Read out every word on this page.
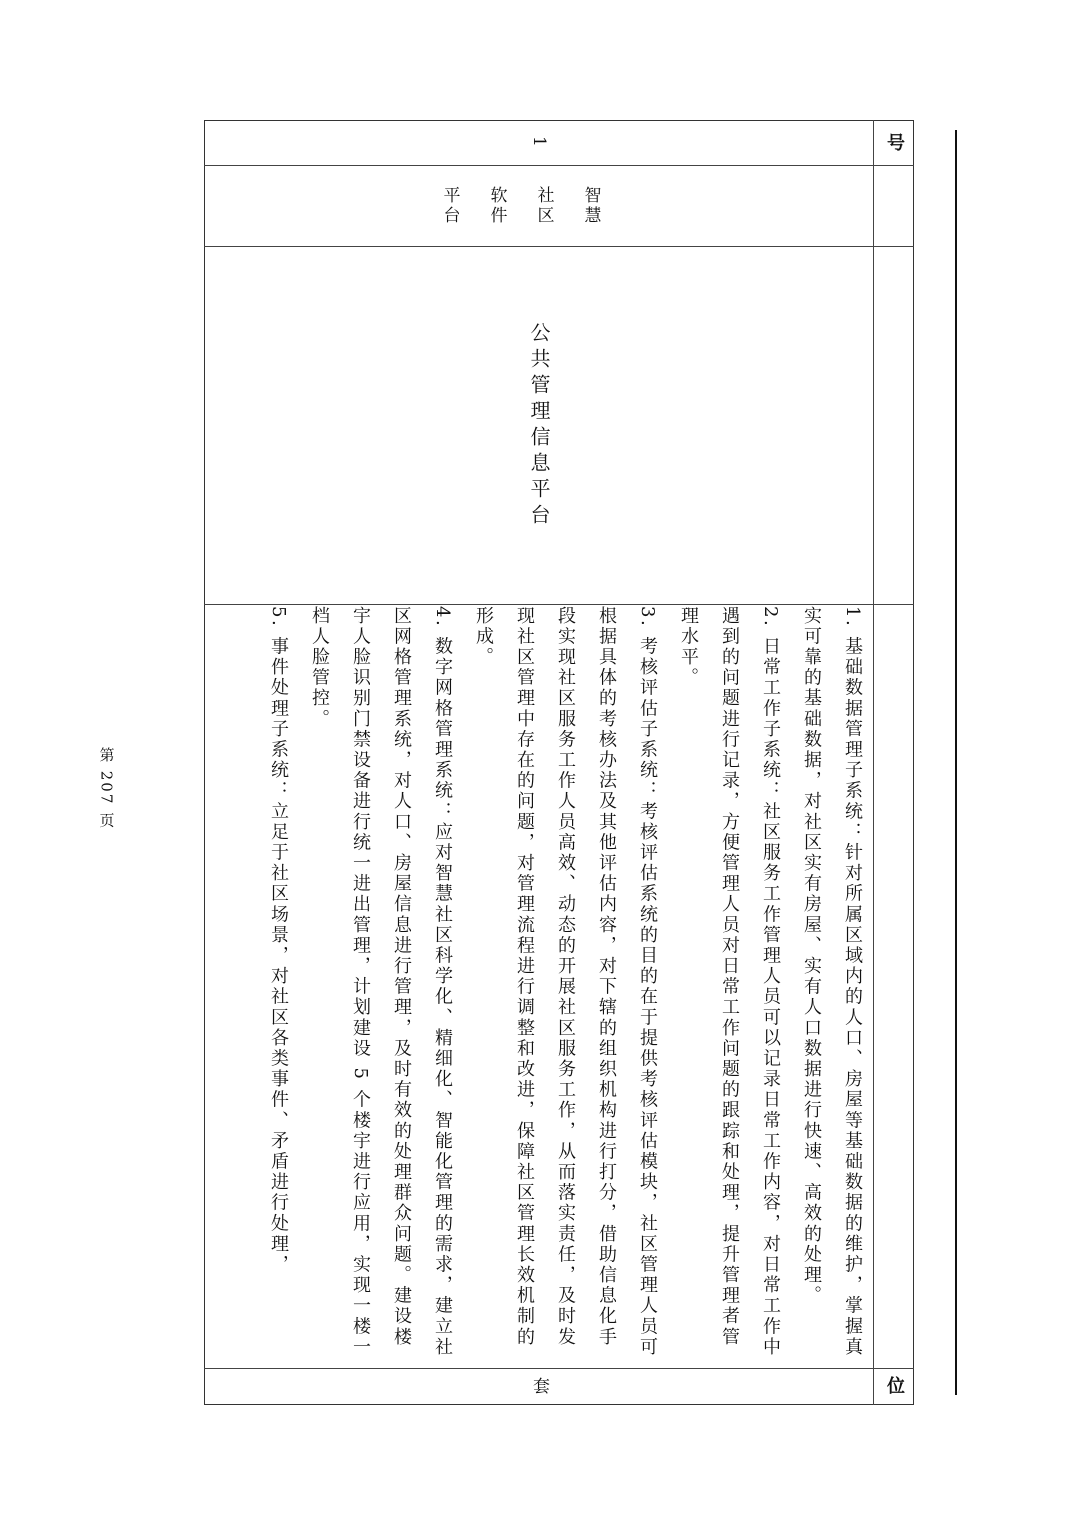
号
位
1
智慧
社区
软件
平台
公共管理信息平台

1. 基础数据管理子系统：针对所属区域内的人口、房屋等基础数据的维护，掌握真实可靠的基础数据，对社区实有房屋、实有人口数据进行快速、高效的处理。

2. 日常工作子系统：社区服务工作管理人员可以记录日常工作内容，对日常工作中遇到的问题进行记录，方便管理人员对日常工作问题的跟踪和处理，提升管理者管理水平。

3. 考核评估子系统：考核评估系统的目的在于提供考核评估模块，社区管理人员可根据具体的考核办法及其他评估内容，对下辖的组织机构进行打分，借助信息化手段实现社区服务工作人员高效、动态的开展社区服务工作，从而落实责任，及时发现社区管理中存在的问题，对管理流程进行调整和改进，保障社区管理长效机制的形成。

4. 数字网格管理系统：应对智慧社区科学化、精细化、智能化管理的需求，建立社区网格管理系统，对人口、房屋信息进行管理，及时有效的处理群众问题。建设楼宇人脸识别门禁设备进行统一进出管理，计划建设 5 个楼宇进行应用，实现一楼一档人脸管控。

5. 事件处理子系统：立足于社区场景，对社区各类事件、矛盾进行处理，

套
第 207 页
